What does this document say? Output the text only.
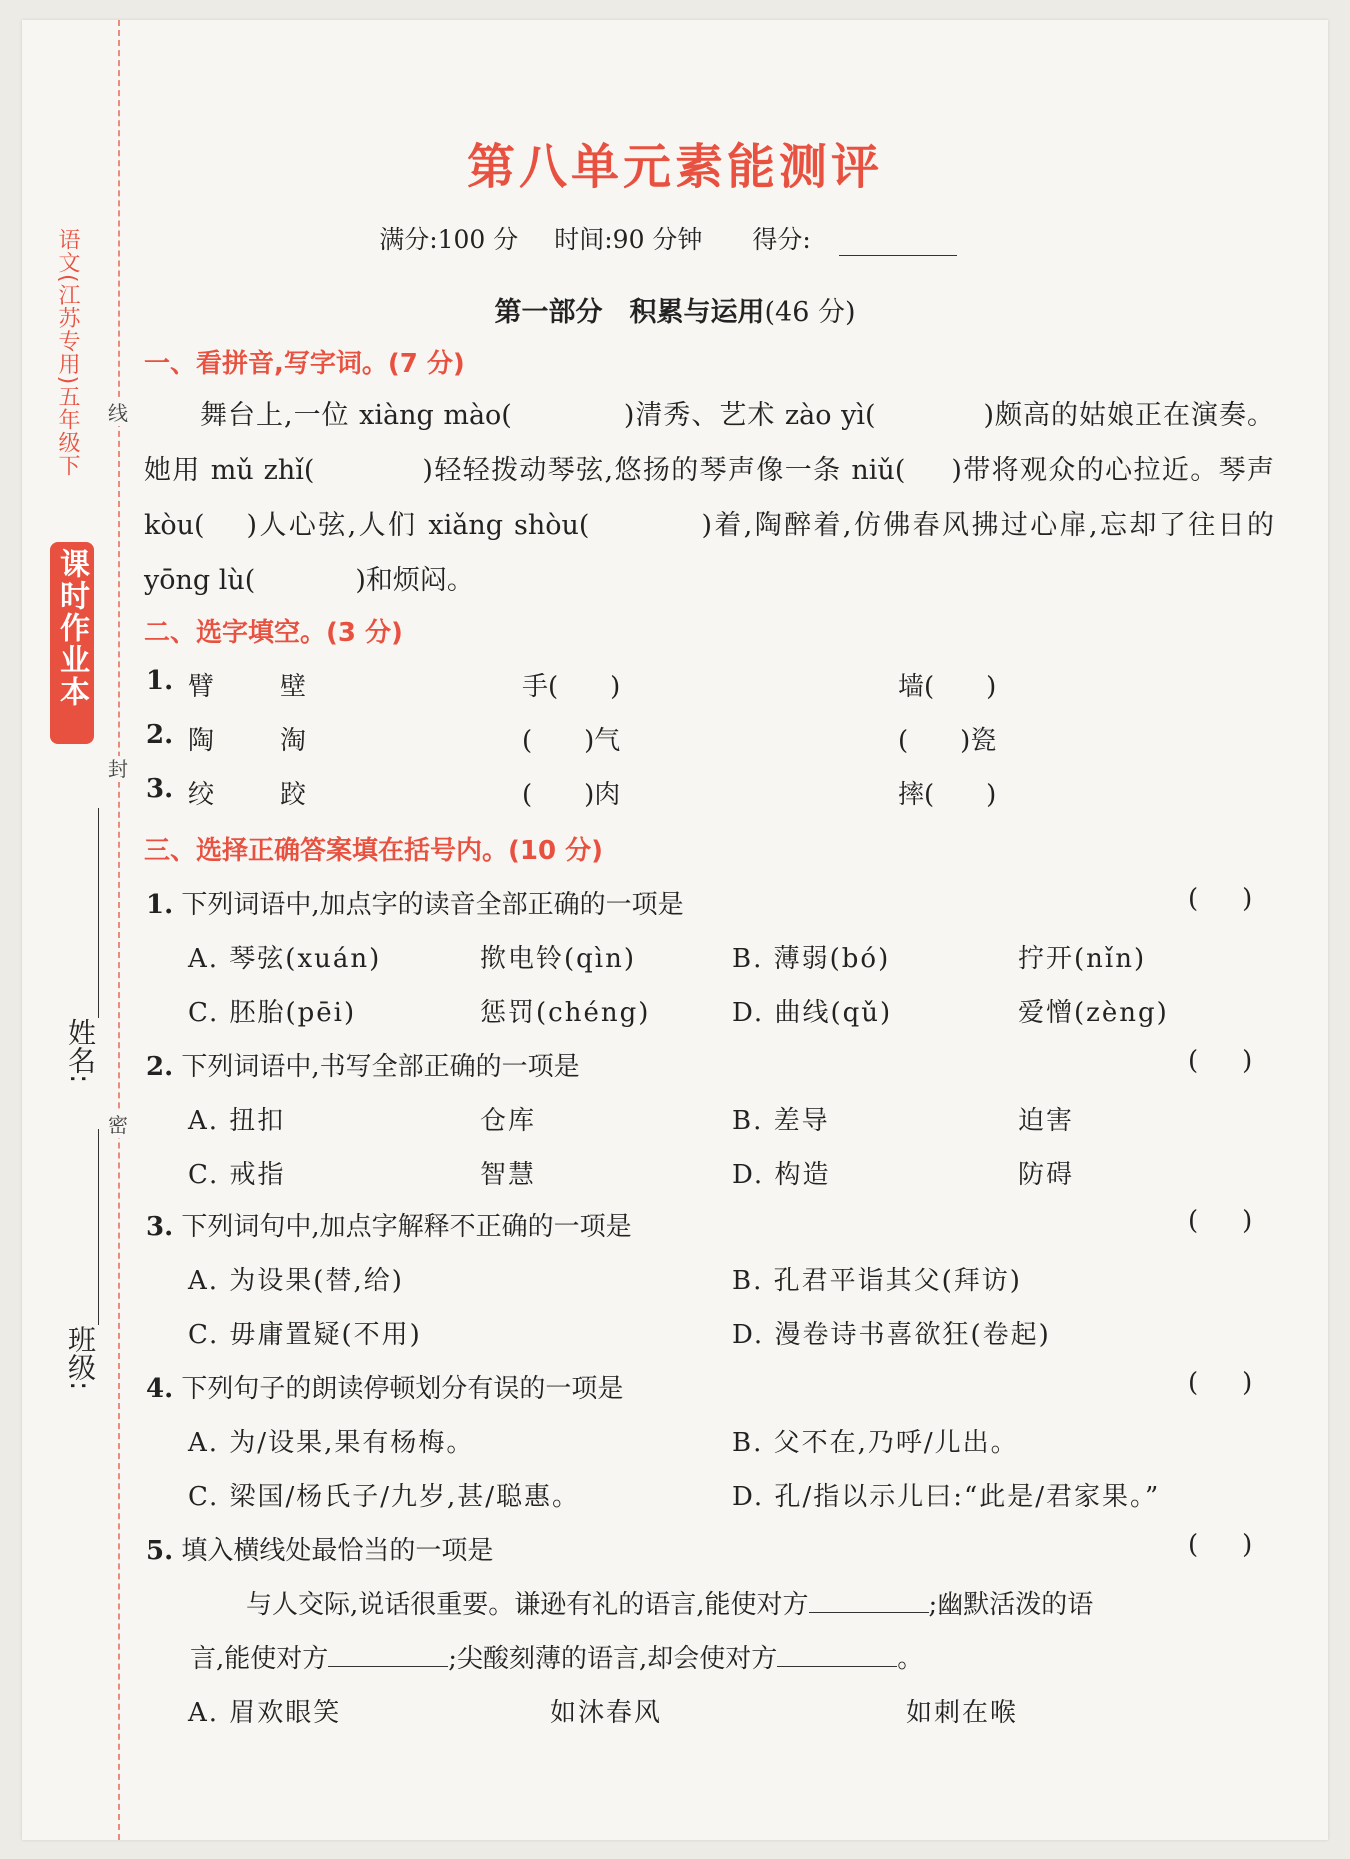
线
封
密
语文(江苏专用)五年级下
课时作业本
姓名:
班级:
第八单元素能测评
满分:100 分 时间:90 分钟 得分:
第一部分　积累与运用(46 分)
一、看拼音,写字词。(7 分)
舞台上,一位 xiàng mào(	)清秀、艺术 zào yì(	)颇高的姑娘正在演奏。她用 mǔ zhǐ(	)轻轻拨动琴弦,悠扬的琴声像一条 niǔ( )带将观众的心拉近。琴声 kòu( )人心弦,人们 xiǎng shòu(	)着,陶醉着,仿佛春风拂过心扉,忘却了往日的 yōng lù(	)和烦闷。
二、选字填空。(3 分)
1. 臂	壁	手(　　)	墙(　　)
2. 陶	淘	(　　)气	(　　)瓷
3. 绞	跤	(　　)肉	摔(　　)
三、选择正确答案填在括号内。(10 分)
1. 下列词语中,加点字的读音全部正确的一项是	()
A. 琴弦(xuán)	揿电铃(qìn)	B. 薄弱(bó)	拧开(nǐn)
C. 胚胎(pēi)	惩罚(chéng)	D. 曲线(qǔ)	爱憎(zèng)
2. 下列词语中,书写全部正确的一项是	()
A. 扭扣	仓库	B. 差导	迫害
C. 戒指	智慧	D. 构造	防碍
3. 下列词句中,加点字解释不正确的一项是	()
A. 为设果(替,给)	B. 孔君平诣其父(拜访)
C. 毋庸置疑(不用)	D. 漫卷诗书喜欲狂(卷起)
4. 下列句子的朗读停顿划分有误的一项是	()
A. 为/设果,果有杨梅。	B. 父不在,乃呼/儿出。
C. 梁国/杨氏子/九岁,甚/聪惠。	D. 孔/指以示儿曰:“此是/君家果。”
5. 填入横线处最恰当的一项是	()
与人交际,说话很重要。谦逊有礼的语言,能使对方	;幽默活泼的语
言,能使对方	;尖酸刻薄的语言,却会使对方	。
A. 眉欢眼笑	如沐春风	如刺在喉
